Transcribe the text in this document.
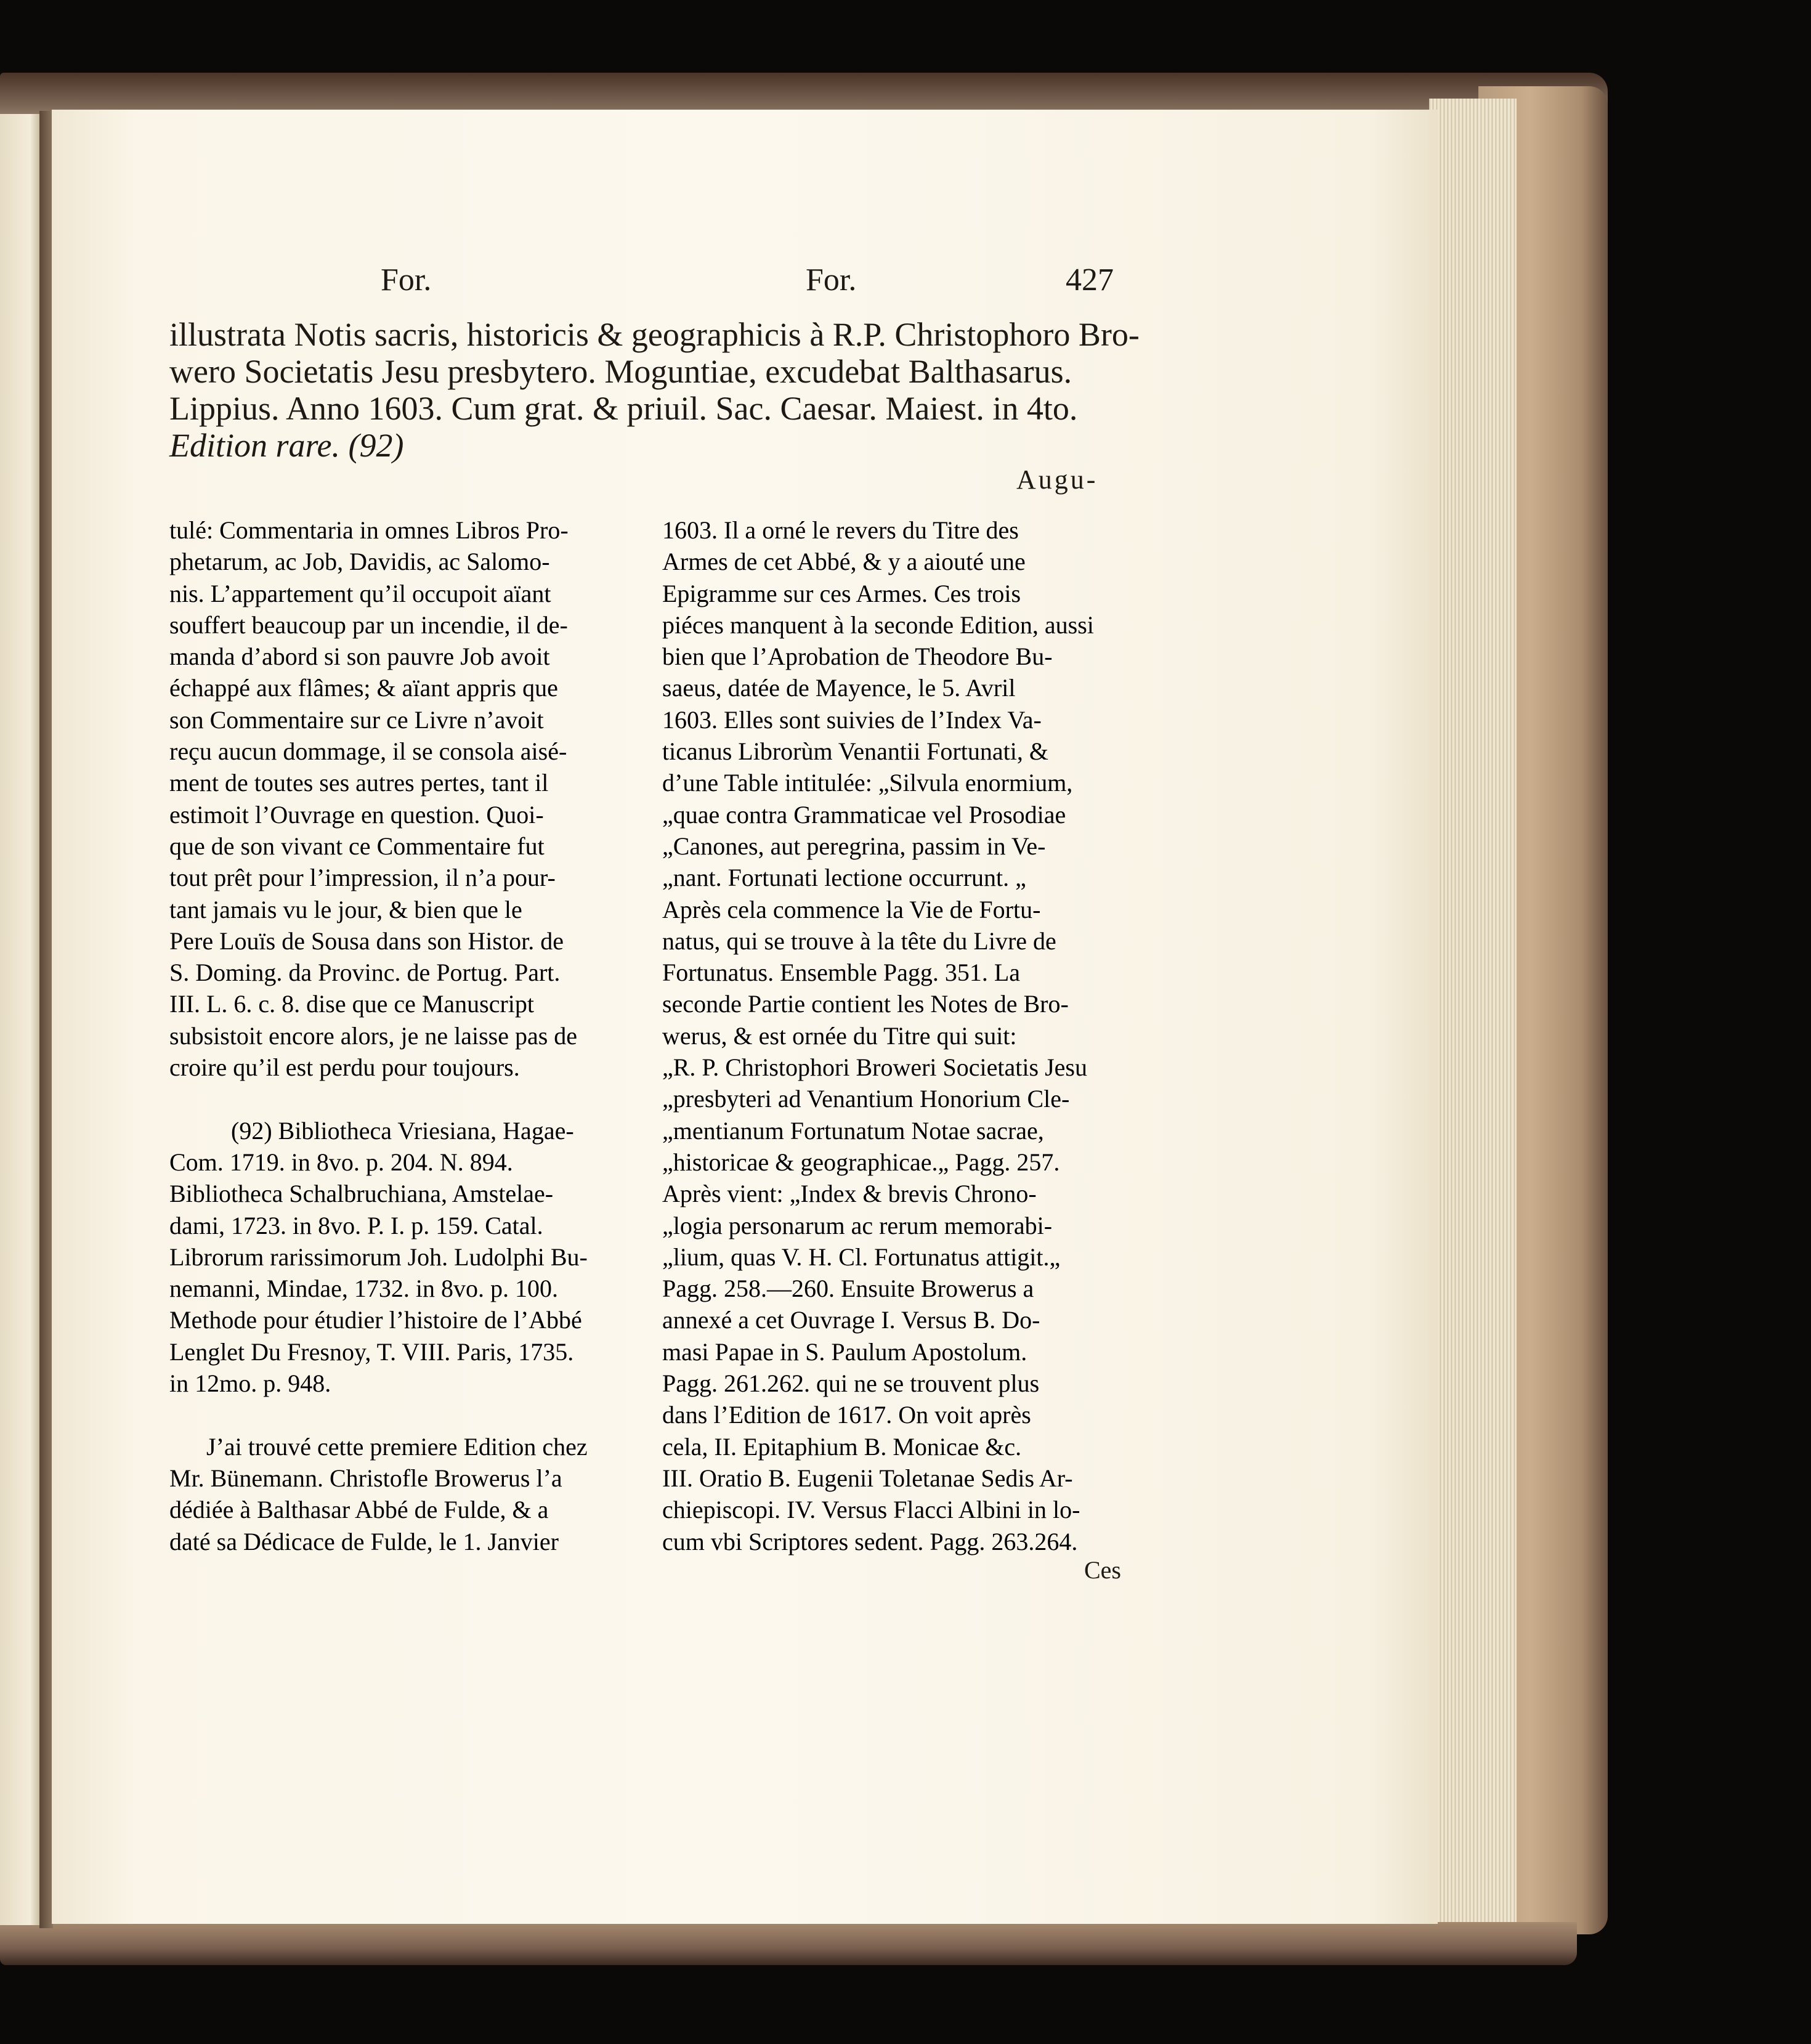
For.	For.	427
illustrata Notis sacris, historicis & geographicis à R.P. Christophoro Bro-
wero Societatis Jesu presbytero. Moguntiae, excudebat Balthasarus.
Lippius. Anno 1603. Cum grat. & priuil. Sac. Caesar. Maiest. in 4to.
Edition rare. (92)
Augu-
tulé: Commentaria in omnes Libros Pro-
phetarum, ac Job, Davidis, ac Salomo-
nis. L’appartement qu’il occupoit aïant
souffert beaucoup par un incendie, il de-
manda d’abord si son pauvre Job avoit
échappé aux flâmes; & aïant appris que
son Commentaire sur ce Livre n’avoit
reçu aucun dommage, il se consola aisé-
ment de toutes ses autres pertes, tant il
estimoit l’Ouvrage en question. Quoi-
que de son vivant ce Commentaire fut
tout prêt pour l’impression, il n’a pour-
tant jamais vu le jour, & bien que le
Pere Louïs de Sousa dans son Histor. de
S. Doming. da Provinc. de Portug. Part.
III. L. 6. c. 8. dise que ce Manuscript
subsistoit encore alors, je ne laisse pas de
croire qu’il est perdu pour toujours.
(92) Bibliotheca Vriesiana, Hagae-
Com. 1719. in 8vo. p. 204. N. 894.
Bibliotheca Schalbruchiana, Amstelae-
dami, 1723. in 8vo. P. I. p. 159. Catal.
Librorum rarissimorum Joh. Ludolphi Bu-
nemanni, Mindae, 1732. in 8vo. p. 100.
Methode pour étudier l’histoire de l’Abbé
Lenglet Du Fresnoy, T. VIII. Paris, 1735.
in 12mo. p. 948.
J’ai trouvé cette premiere Edition chez
Mr. Bünemann. Christofle Browerus l’a
dédiée à Balthasar Abbé de Fulde, & a
daté sa Dédicace de Fulde, le 1. Janvier
1603. Il a orné le revers du Titre des
Armes de cet Abbé, & y a aiouté une
Epigramme sur ces Armes. Ces trois
piéces manquent à la seconde Edition, aussi
bien que l’Aprobation de Theodore Bu-
saeus, datée de Mayence, le 5. Avril
1603. Elles sont suivies de l’Index Va-
ticanus Librorùm Venantii Fortunati, &
d’une Table intitulée: „Silvula enormium,
„quae contra Grammaticae vel Prosodiae
„Canones, aut peregrina, passim in Ve-
„nant. Fortunati lectione occurrunt. „
Après cela commence la Vie de Fortu-
natus, qui se trouve à la tête du Livre de
Fortunatus. Ensemble Pagg. 351. La
seconde Partie contient les Notes de Bro-
werus, & est ornée du Titre qui suit:
„R. P. Christophori Broweri Societatis Jesu
„presbyteri ad Venantium Honorium Cle-
„mentianum Fortunatum Notae sacrae,
„historicae & geographicae.„ Pagg. 257.
Après vient: „Index & brevis Chrono-
„logia personarum ac rerum memorabi-
„lium, quas V. H. Cl. Fortunatus attigit.„
Pagg. 258.—260. Ensuite Browerus a
annexé a cet Ouvrage I. Versus B. Do-
masi Papae in S. Paulum Apostolum.
Pagg. 261.262. qui ne se trouvent plus
dans l’Edition de 1617. On voit après
cela, II. Epitaphium B. Monicae &c.
III. Oratio B. Eugenii Toletanae Sedis Ar-
chiepiscopi. IV. Versus Flacci Albini in lo-
cum vbi Scriptores sedent. Pagg. 263.264.
Ces
